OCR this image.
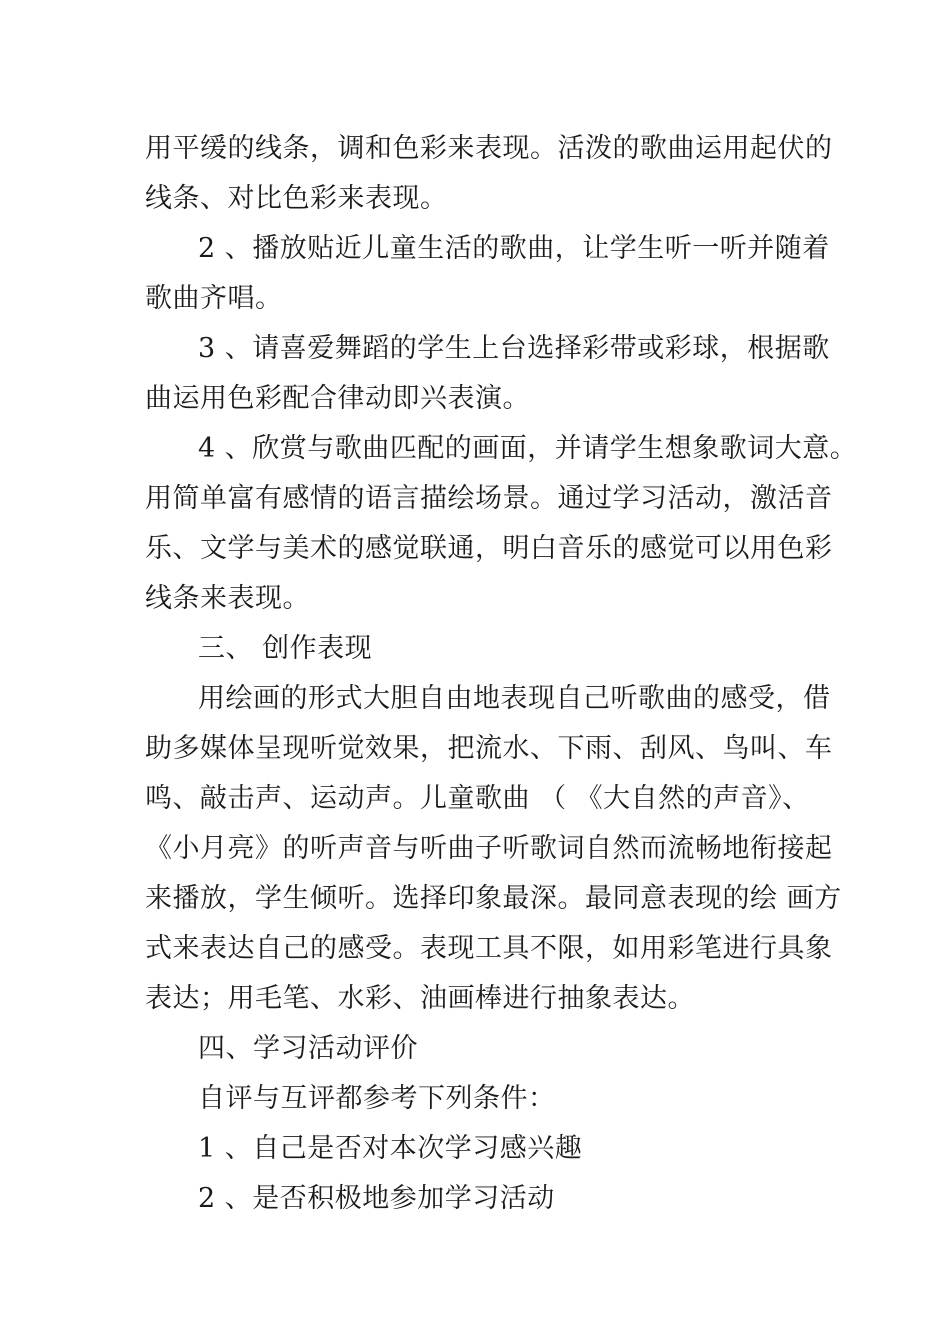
用平缓的线条，调和色彩来表现。活泼的歌曲运用起伏的
线条、对比色彩来表现。
2 、播放贴近儿童生活的歌曲，让学生听一听并随着
歌曲齐唱。
3 、请喜爱舞蹈的学生上台选择彩带或彩球，根据歌
曲运用色彩配合律动即兴表演。
4 、欣赏与歌曲匹配的画面，并请学生想象歌词大意。
用简单富有感情的语言描绘场景。通过学习活动，激活音
乐、文学与美术的感觉联通，明白音乐的感觉可以用色彩
线条来表现。
三、 创作表现
用绘画的形式大胆自由地表现自己听歌曲的感受，借
助多媒体呈现听觉效果，把流水、下雨、刮风、鸟叫、车
鸣、敲击声、运动声。儿童歌曲 （ 《大自然的声音》、
《小月亮》的听声音与听曲子听歌词自然而流畅地衔接起
来播放，学生倾听。选择印象最深。最同意表现的绘 画方
式来表达自己的感受。表现工具不限，如用彩笔进行具象
表达；用毛笔、水彩、油画棒进行抽象表达。
四、学习活动评价
自评与互评都参考下列条件：
1 、自己是否对本次学习感兴趣
2 、是否积极地参加学习活动
